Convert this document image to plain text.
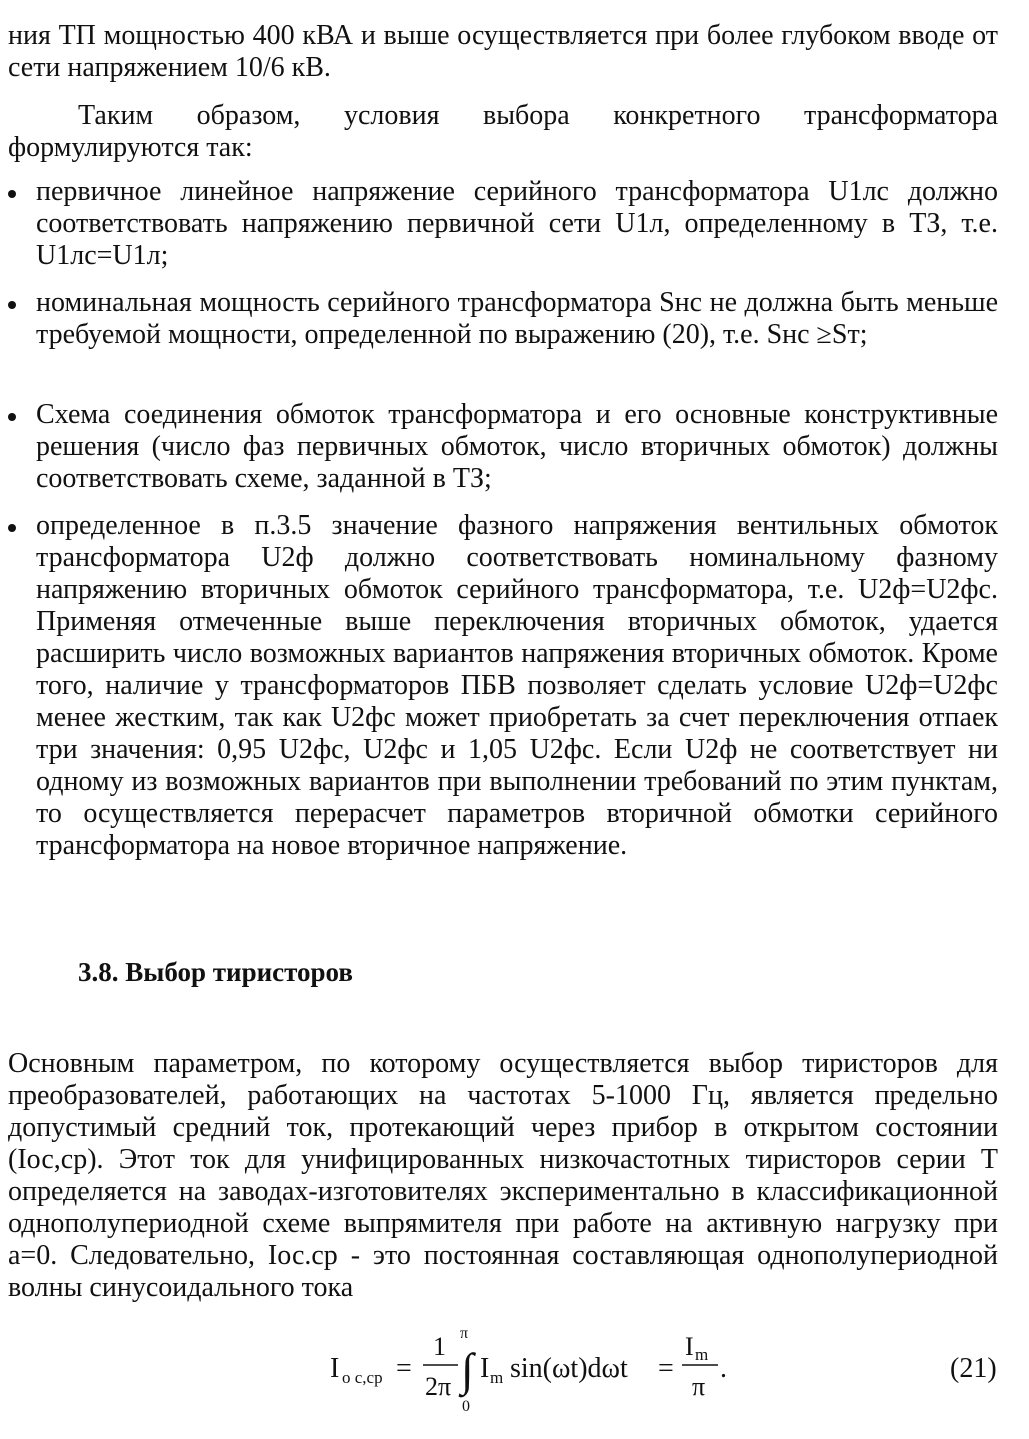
ния ТП мощностью 400 кВА и выше осуществляется при более глубоком вводе от сети напряжением 10/6 кВ.

Таким образом, условия выбора конкретного трансформатора формулируются так:

первичное линейное напряжение серийного трансформатора U1лс должно соответствовать напряжению первичной сети U1л, определенному в ТЗ, т.е. U1лс=U1л;
номинальная мощность серийного трансформатора Sнс не должна быть меньше требуемой мощности, определенной по выражению (20), т.е. Sнс ≥Sт;
Схема соединения обмоток трансформатора и его основные конструктивные решения (число фаз первичных обмоток, число вторичных обмоток) должны соответствовать схеме, заданной в ТЗ;
определенное в п.3.5 значение фазного напряжения вентильных обмоток трансформатора U2ф должно соответствовать номинальному фазному напряжению вторичных обмоток серийного трансформатора, т.е. U2ф=U2фс. Применяя отмеченные выше переключения вторичных обмоток, удается расширить число возможных вариантов напряжения вторичных обмоток. Кроме того, наличие у трансформаторов ПБВ позволяет сделать условие U2ф=U2фс менее жестким, так как U2фс может приобретать за счет переключения отпаек три значения: 0,95 U2фс, U2фс и 1,05 U2фс. Если U2ф не соответствует ни одному из возможных вариантов при выполнении требований по этим пунктам, то осуществляется перерасчет параметров вторичной обмотки серийного трансформатора на новое вторичное напряжение.
3.8. Выбор тиристоров

Основным параметром, по которому осуществляется выбор тиристоров для преобразователей, работающих на частотах 5-1000 Гц, является предельно допустимый средний ток, протекающий через прибор в открытом состоянии (Iос,ср). Этот ток для унифицированных низкочастотных тиристоров серии Т определяется на заводах-изготовителях экспериментально в классификационной однополупериодной схеме выпрямителя при работе на активную нагрузку при a=0. Следовательно, Iос.ср - это постоянная составляющая однополупериодной волны синусоидального тока

I о с,ср =
1
2π
π
∫
0
I m sin(ωt)dωt =
I m
π
.	(21)
